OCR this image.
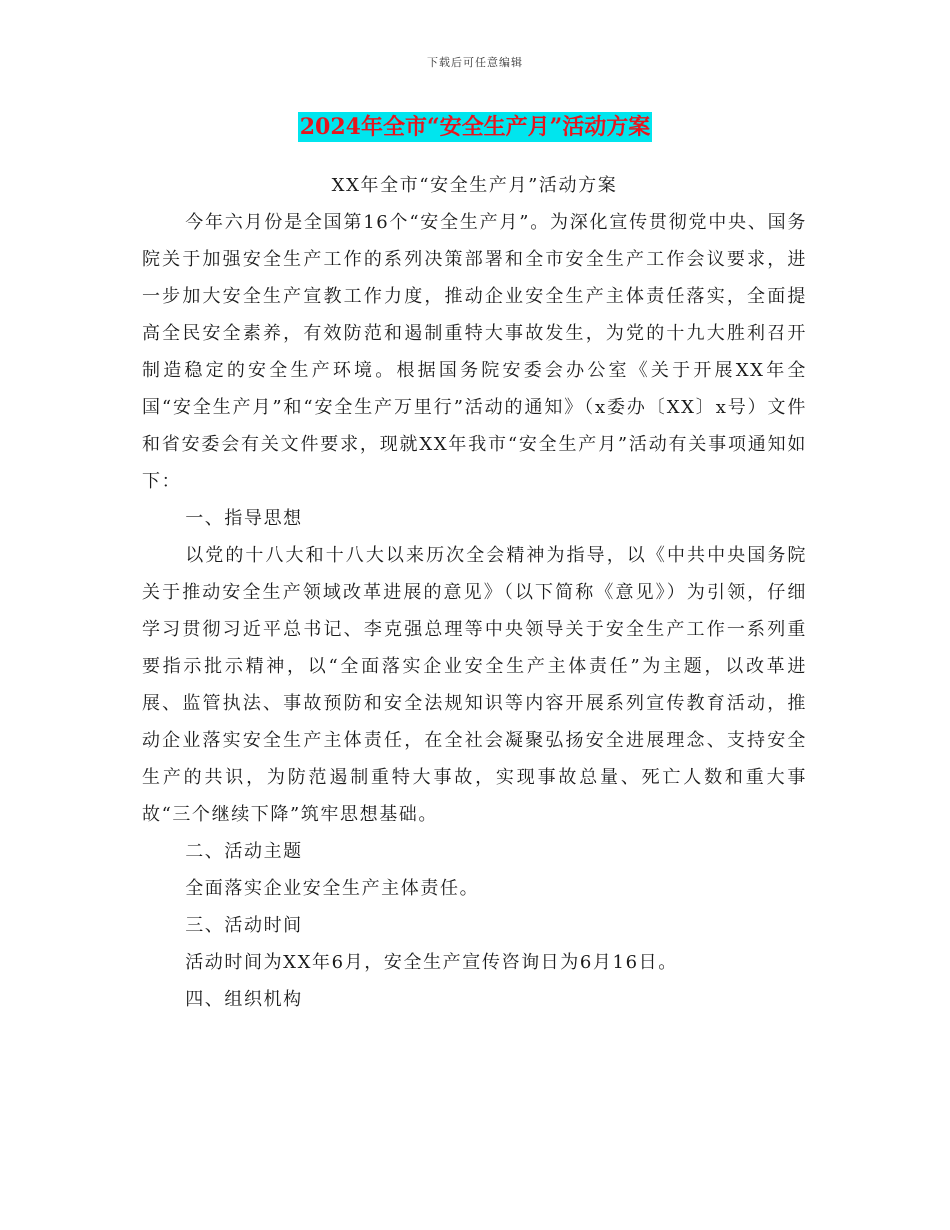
下载后可任意编辑
2024年全市“安全生产月”活动方案

XX年全市“安全生产月”活动方案

今年六月份是全国第16个“安全生产月”。为深化宣传贯彻党中央、国务院关于加强安全生产工作的系列决策部署和全市安全生产工作会议要求，进一步加大安全生产宣教工作力度，推动企业安全生产主体责任落实，全面提高全民安全素养，有效防范和遏制重特大事故发生，为党的十九大胜利召开制造稳定的安全生产环境。根据国务院安委会办公室《关于开展XX年全国“安全生产月”和“安全生产万里行”活动的通知》（x委办〔XX〕x号）文件和省安委会有关文件要求，现就XX年我市“安全生产月”活动有关事项通知如下：

一、指导思想

以党的十八大和十八大以来历次全会精神为指导，以《中共中央国务院关于推动安全生产领域改革进展的意见》（以下简称《意见》）为引领，仔细学习贯彻习近平总书记、李克强总理等中央领导关于安全生产工作一系列重要指示批示精神，以“全面落实企业安全生产主体责任”为主题，以改革进展、监管执法、事故预防和安全法规知识等内容开展系列宣传教育活动，推动企业落实安全生产主体责任，在全社会凝聚弘扬安全进展理念、支持安全生产的共识，为防范遏制重特大事故，实现事故总量、死亡人数和重大事故“三个继续下降”筑牢思想基础。

二、活动主题

全面落实企业安全生产主体责任。

三、活动时间

活动时间为XX年6月，安全生产宣传咨询日为6月16日。

四、组织机构
